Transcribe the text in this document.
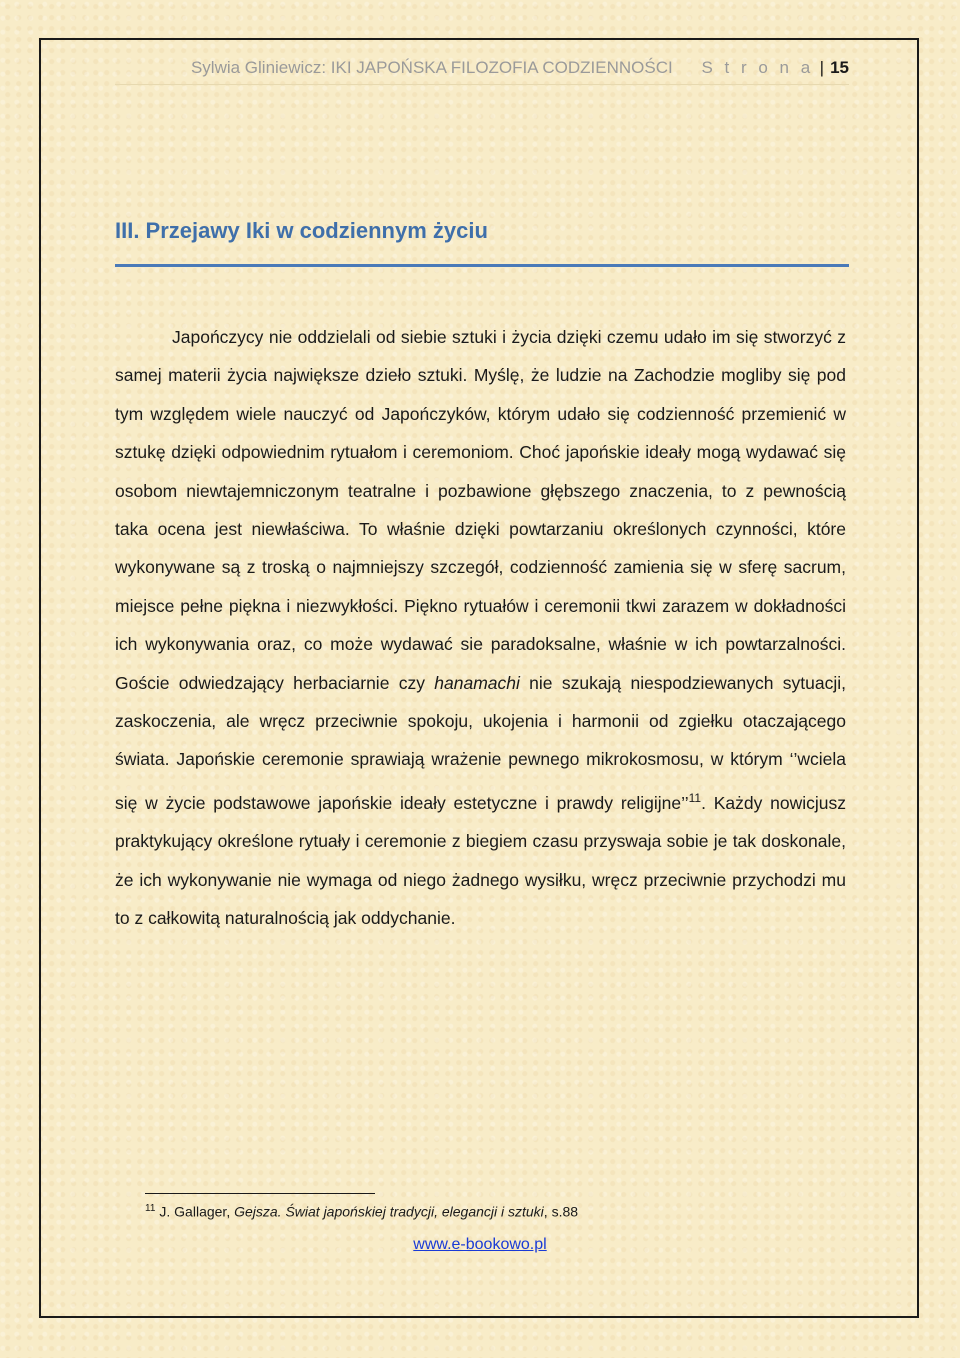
Sylwia Gliniewicz: IKI JAPOŃSKA FILOZOFIA CODZIENNOŚCI S t r o n a | 15
III. Przejawy Iki w codziennym życiu

Japończycy nie oddzielali od siebie sztuki i życia dzięki czemu udało im się stworzyć z samej materii życia największe dzieło sztuki. Myślę, że ludzie na Zachodzie mogliby się pod tym względem wiele nauczyć od Japończyków, którym udało się codzienność przemienić w sztukę dzięki odpowiednim rytuałom i ceremoniom. Choć japońskie ideały mogą wydawać się osobom niewtajemniczonym teatralne i pozbawione głębszego znaczenia, to z pewnością taka ocena jest niewłaściwa. To właśnie dzięki powtarzaniu określonych czynności, które wykonywane są z troską o najmniejszy szczegół, codzienność zamienia się w sferę sacrum, miejsce pełne piękna i niezwykłości. Piękno rytuałów i ceremonii tkwi zarazem w dokładności ich wykonywania oraz, co może wydawać sie paradoksalne, właśnie w ich powtarzalności. Goście odwiedzający herbaciarnie czy hanamachi nie szukają niespodziewanych sytuacji, zaskoczenia, ale wręcz przeciwnie spokoju, ukojenia i harmonii od zgiełku otaczającego świata. Japońskie ceremonie sprawiają wrażenie pewnego mikrokosmosu, w którym ‘’wciela się w życie podstawowe japońskie ideały estetyczne i prawdy religijne’’$^{11}$. Każdy nowicjusz praktykujący określone rytuały i ceremonie z biegiem czasu przyswaja sobie je tak doskonale, że ich wykonywanie nie wymaga od niego żadnego wysiłku, wręcz przeciwnie przychodzi mu to z całkowitą naturalnością jak oddychanie.

$^{11}$ J. Gallager, Gejsza. Świat japońskiej tradycji, elegancji i sztuki, s.88
www.e-bookowo.pl
